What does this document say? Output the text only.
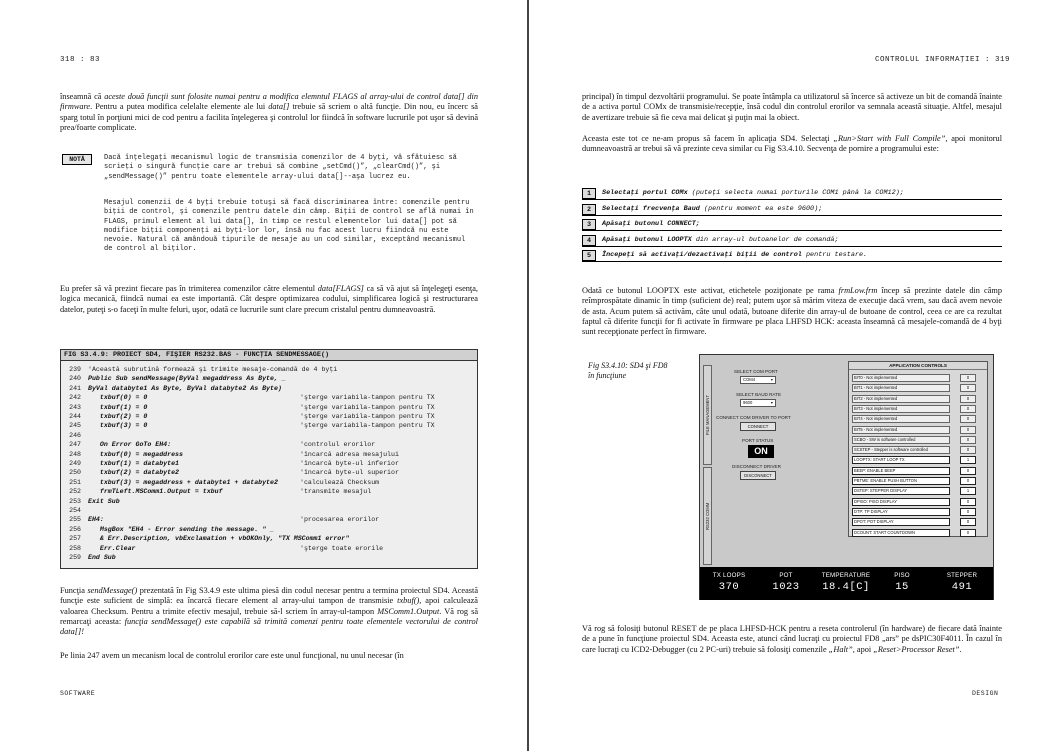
318 : 83
înseamnă că aceste două funcţii sunt folosite numai pentru a modifica elemntul FLAGS al array-ului de control data[] din firmware. Pentru a putea modifica celelalte elemente ale lui data[] trebuie să scriem o altă funcţie. Din nou, eu încerc să sparg totul în porţiuni mici de cod pentru a facilita înţelegerea şi controlul lor fiindcă în software lucrurile pot uşor să devină prea/foarte complicate.
NOTĂ	Dacă înţelegaţi mecanismul logic de transmisia comenzilor de 4 byţi, vă sfătuiesc să scrieţi o singură funcţie care ar trebui să combine „setCmd()”, „clearCmd()”, şi „sendMessage()” pentru toate elementele array-ului data[]--aşa lucrez eu.
Mesajul comenzii de 4 byţi trebuie totuşi să facă discriminarea între: comenzile pentru biţii de control, şi comenzile pentru datele din câmp. Biţii de control se află numai în FLAGS, primul element al lui data[], în timp ce restul elementelor lui data[] pot să modifice biţii componenţi ai byţi-lor lor, însă nu fac acest lucru fiindcă nu este nevoie. Natural că amândouă tipurile de mesaje au un cod similar, exceptând mecanismul de control al biţilor.
Eu prefer să vă prezint fiecare pas în trimiterea comenzilor către elementul data[FLAGS] ca să vă ajut să înţelegeţi esenţa, logica mecanică, fiindcă numai ea este importantă. Cât despre optimizarea codului, simplificarea logică şi restructurarea datelor, puteţi s-o faceţi în multe feluri, uşor, odată ce lucrurile sunt clare precum cristalul pentru dumneavoastră.
FIG S3.4.9: PROIECT SD4, FIŞIER RS232.BAS - FUNCŢIA SENDMESSAGE()
239 'Această subrutină formează şi trimite mesaje-comandă de 4 byţi
240 Public Sub sendMessage(ByVal megaddress As Byte, _
241 ByVal databyte1 As Byte, ByVal databyte2 As Byte)
242 txbuf(0) = 0	'şterge variabila-tampon pentru TX
243 txbuf(1) = 0	'şterge variabila-tampon pentru TX
244 txbuf(2) = 0	'şterge variabila-tampon pentru TX
245 txbuf(3) = 0	'şterge variabila-tampon pentru TX
246
247 On Error GoTo EH4:	'controlul erorilor
248 txbuf(0) = megaddress	'încarcă adresa mesajului
249 txbuf(1) = databyte1	'încarcă byte-ul inferior
250 txbuf(2) = databyte2	'încarcă byte-ul superior
251 txbuf(3) = megaddress + databyte1 + databyte2	'calculează Checksum
252 frmTLeft.MSComm1.Output = txbuf	'transmite mesajul
253 Exit Sub
254
255 EH4:	'procesarea erorilor
256 MsgBox "EH4 - Error sending the message. " _
257 & Err.Description, vbExclamation + vbOKOnly, "TX MSComm1 error"
258 Err.Clear	'şterge toate erorile
259 End Sub
Funcţia sendMessage() prezentată în Fig S3.4.9 este ultima piesă din codul necesar pentru a termina proiectul SD4. Această funcţie este suficient de simplă: ea încarcă fiecare element al array-ului tampon de transmisie txbuf(), apoi calculează valoarea Checksum. Pentru a trimite efectiv mesajul, trebuie să-l scriem în array-ul-tampon MSComm1.Output. Vă rog să remarcaţi aceasta: funcţia sendMessage() este capabilă să trimită comenzi pentru toate elementele vectorului de control data[]!
Pe linia 247 avem un mecanism local de controlul erorilor care este unul funcţional, nu unul necesar (în
SOFTWARE
CONTROLUL INFORMAŢIEI : 319
principal) în timpul dezvoltării programului. Se poate întâmpla ca utilizatorul să încerce să activeze un bit de comandă înainte de a activa portul COMx de transmisie/recepţie, însă codul din controlul erorilor va semnala această situaţie. Altfel, mesajul de avertizare trebuie să fie ceva mai delicat şi puţin mai la obiect.
Aceasta este tot ce ne-am propus să facem în aplicaţia SD4. Selectaţi „Run>Start with Full Compile”, apoi monitorul dumneavoastră ar trebui să vă prezinte ceva similar cu Fig S3.4.10. Secvenţa de pornire a programului este:
Odată ce butonul LOOPTX este activat, etichetele poziţionate pe rama frmLow.frm încep să prezinte datele din câmp reîmprospătate dinamic în timp (suficient de) real; putem uşor să mărim viteza de execuţie dacă vrem, sau dacă avem nevoie de asta. Acum putem să activăm, câte unul odată, butoane diferite din array-ul de butoane de control, ceea ce are ca rezultat faptul că diferite funcţii for fi activate în firmware pe placa LHFSD HCK: aceasta înseamnă că mesajele-comandă de 4 byţi sunt recepţionate perfect în firmware.
Vă rog să folosiţi butonul RESET de pe placa LHFSD-HCK pentru a reseta controlerul (în hardware) de fiecare dată înainte de a pune în funcţiune proiectul SD4. Aceasta este, atunci când lucraţi cu proiectul FD8 „ars” pe dsPIC30F4011. În cazul în care lucraţi cu ICD2-Debugger (cu 2 PC-uri) trebuie să folosiţi comenzile „Halt”, apoi „Reset>Processor Reset”.
DESIGN
1	Selectaţi portul COMx (puteţi selecta numai porturile COM1 până la COM12);
2	Selectaţi frecvenţa Baud (pentru moment ea este 9600);
3	Apăsaţi butonul CONNECT;
4	Apăsaţi butonul LOOPTX din array-ul butoanelor de comandă;
5	Începeţi să activaţi/dezactivaţi biţii de control pentru testare.
Fig S3.4.10: SD4 şi FD8 în funcţiune
FILE MANAGEMENT
RS232 COMM
SELECT COM PORT
COM4	▾
SELECT BAUD RATE
9600	▾
CONNECT COM DRIVER TO PORT
CONNECT
PORT STATUS
ON
DISCONNECT DRIVER
DISCONNECT
APPLICATION CONTROLS
BIT0 - Not implemented	0
BIT1 - Not implemented	0
BIT2 - Not implemented	0
BIT3 - Not implemented	0
BIT4 - Not implemented	0
BIT5 - Not implemented	0
SCBO - SW is software controlled	0
SCSTEP - Stepper is software controlled	0
LOOPTX: START LOOP TX	1
BEEP: ENABLE BEEP	0
PBTME: ENABLE PUSH BUTTON	0
DSTEP: STEPPER DISPLAY	1
DPISO: PISO DISPLAY	0
DTP: TP DISPLAY	0
DPOT: POT DISPLAY	0
DCOUNT: START COUNTDOWN	0
TX LOOPS
370
POT
1023
TEMPERATURE
18.4[C]
PISO
15
STEPPER
491
